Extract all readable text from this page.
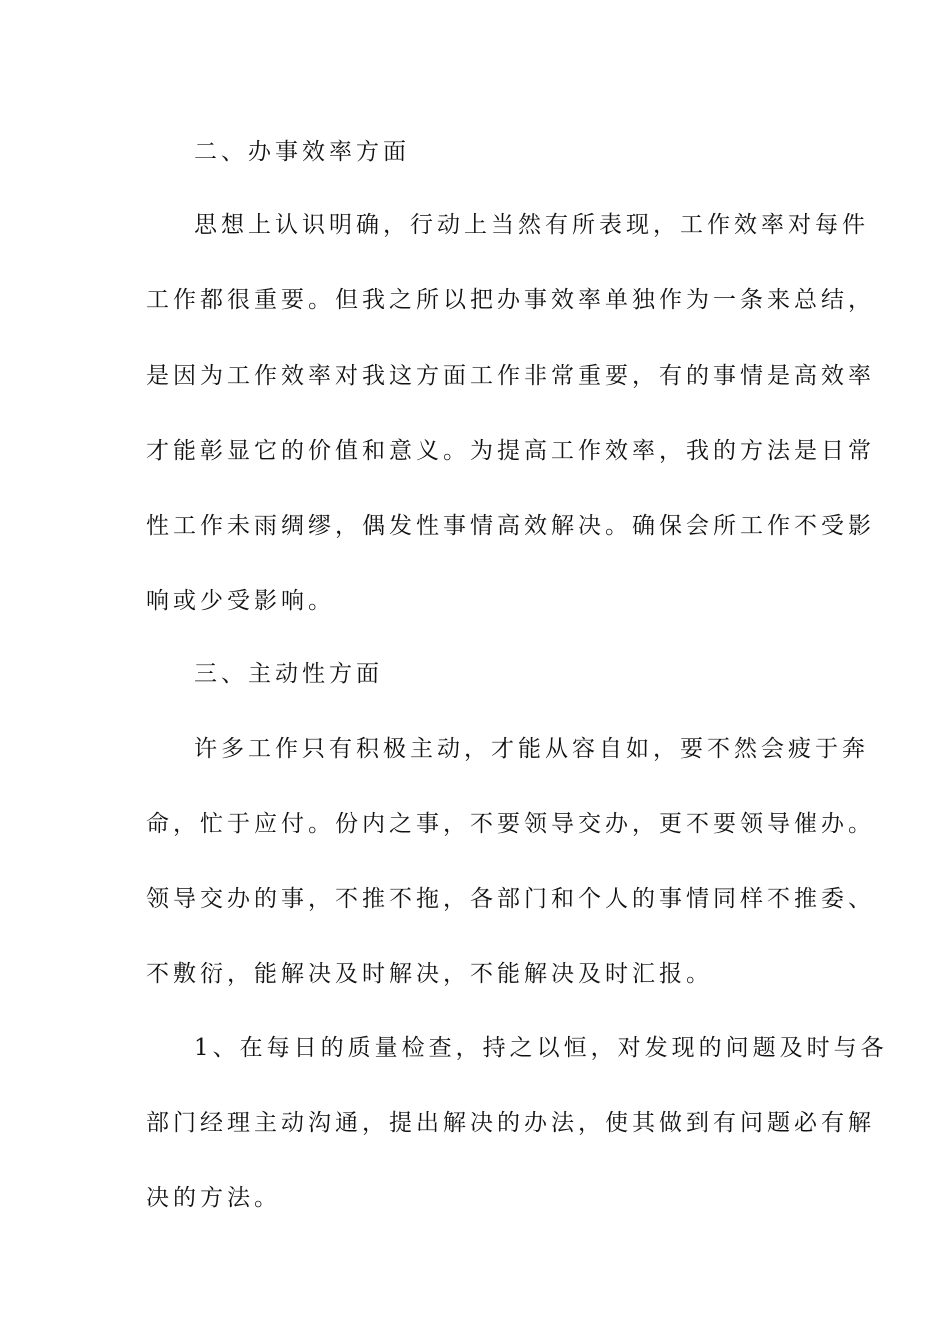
二、办事效率方面
思想上认识明确，行动上当然有所表现，工作效率对每件
工作都很重要。但我之所以把办事效率单独作为一条来总结，
是因为工作效率对我这方面工作非常重要，有的事情是高效率
才能彰显它的价值和意义。为提高工作效率，我的方法是日常
性工作未雨绸缪，偶发性事情高效解决。确保会所工作不受影
响或少受影响。
三、主动性方面
许多工作只有积极主动，才能从容自如，要不然会疲于奔
命，忙于应付。份内之事，不要领导交办，更不要领导催办。
领导交办的事，不推不拖，各部门和个人的事情同样不推委、
不敷衍，能解决及时解决，不能解决及时汇报。
1、在每日的质量检查，持之以恒，对发现的问题及时与各
部门经理主动沟通，提出解决的办法，使其做到有问题必有解
决的方法。
